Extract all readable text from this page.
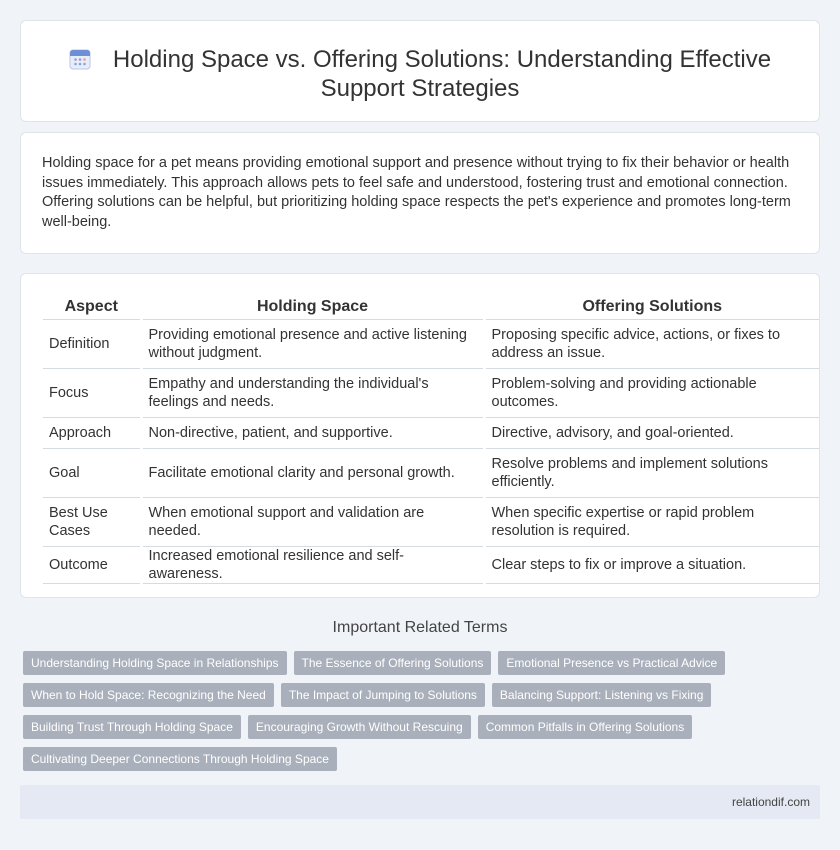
Holding Space vs. Offering Solutions: Understanding Effective Support Strategies

Holding space for a pet means providing emotional support and presence without trying to fix their behavior or health issues immediately. This approach allows pets to feel safe and understood, fostering trust and emotional connection. Offering solutions can be helpful, but prioritizing holding space respects the pet's experience and promotes long-term well-being.

Aspect	Holding Space	Offering Solutions
Definition	Providing emotional presence and active listening without judgment.	Proposing specific advice, actions, or fixes to address an issue.
Focus	Empathy and understanding the individual's feelings and needs.	Problem-solving and providing actionable outcomes.
Approach	Non-directive, patient, and supportive.	Directive, advisory, and goal-oriented.
Goal	Facilitate emotional clarity and personal growth.	Resolve problems and implement solutions efficiently.
Best Use Cases	When emotional support and validation are needed.	When specific expertise or rapid problem resolution is required.
Outcome	Increased emotional resilience and self-awareness.	Clear steps to fix or improve a situation.
Important Related Terms
Understanding Holding Space in Relationships	The Essence of Offering Solutions	Emotional Presence vs Practical Advice
When to Hold Space: Recognizing the Need	The Impact of Jumping to Solutions	Balancing Support: Listening vs Fixing
Building Trust Through Holding Space	Encouraging Growth Without Rescuing	Common Pitfalls in Offering Solutions
Cultivating Deeper Connections Through Holding Space
relationdif.com
